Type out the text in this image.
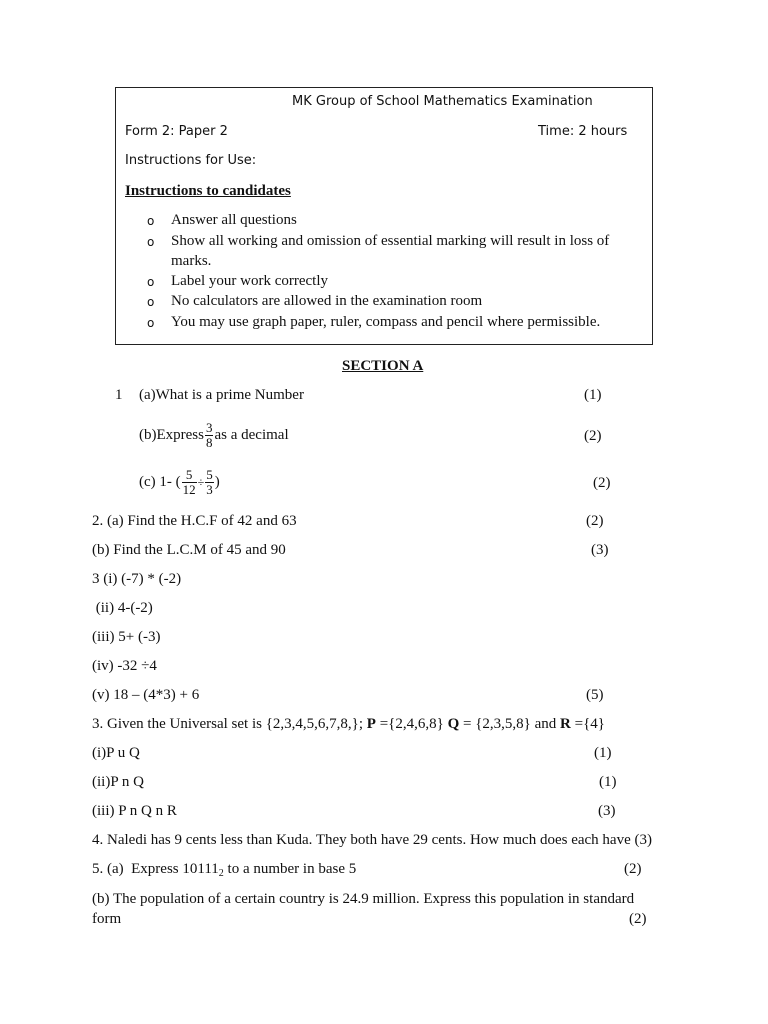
MK Group of School Mathematics Examination
Form 2: Paper 2	Time: 2 hours
Instructions for Use:
Instructions to candidates
o Answer all questions
o Show all working and omission of essential marking will result in loss of marks.
o Label your work correctly
o No calculators are allowed in the examination room
o You may use graph paper, ruler, compass and pencil where permissible.
SECTION A
1 (a)What is a prime Number	(1)
(b)Express $\frac{3}{8}$ as a decimal	(2)
(c) 1- ( $\frac{5}{12} \div \frac{5}{3}$ )	(2)
2. (a) Find the H.C.F of 42 and 63	(2)
(b) Find the L.C.M of 45 and 90	(3)
3 (i) (-7) * (-2)
(ii) 4-(-2)
(iii) 5+ (-3)
(iv) -32 ÷4
(v) 18 – (4*3) + 6	(5)
3. Given the Universal set is {2,3,4,5,6,7,8,}; P ={2,4,6,8} Q = {2,3,5,8} and R ={4}
(i)P u Q	(1)
(ii)P n Q	(1)
(iii) P n Q n R	(3)
4. Naledi has 9 cents less than Kuda. They both have 29 cents. How much does each have (3)
5. (a)  Express $10111_2$ to a number in base 5	(2)
(b) The population of a certain country is 24.9 million. Express this population in standard
form	(2)
